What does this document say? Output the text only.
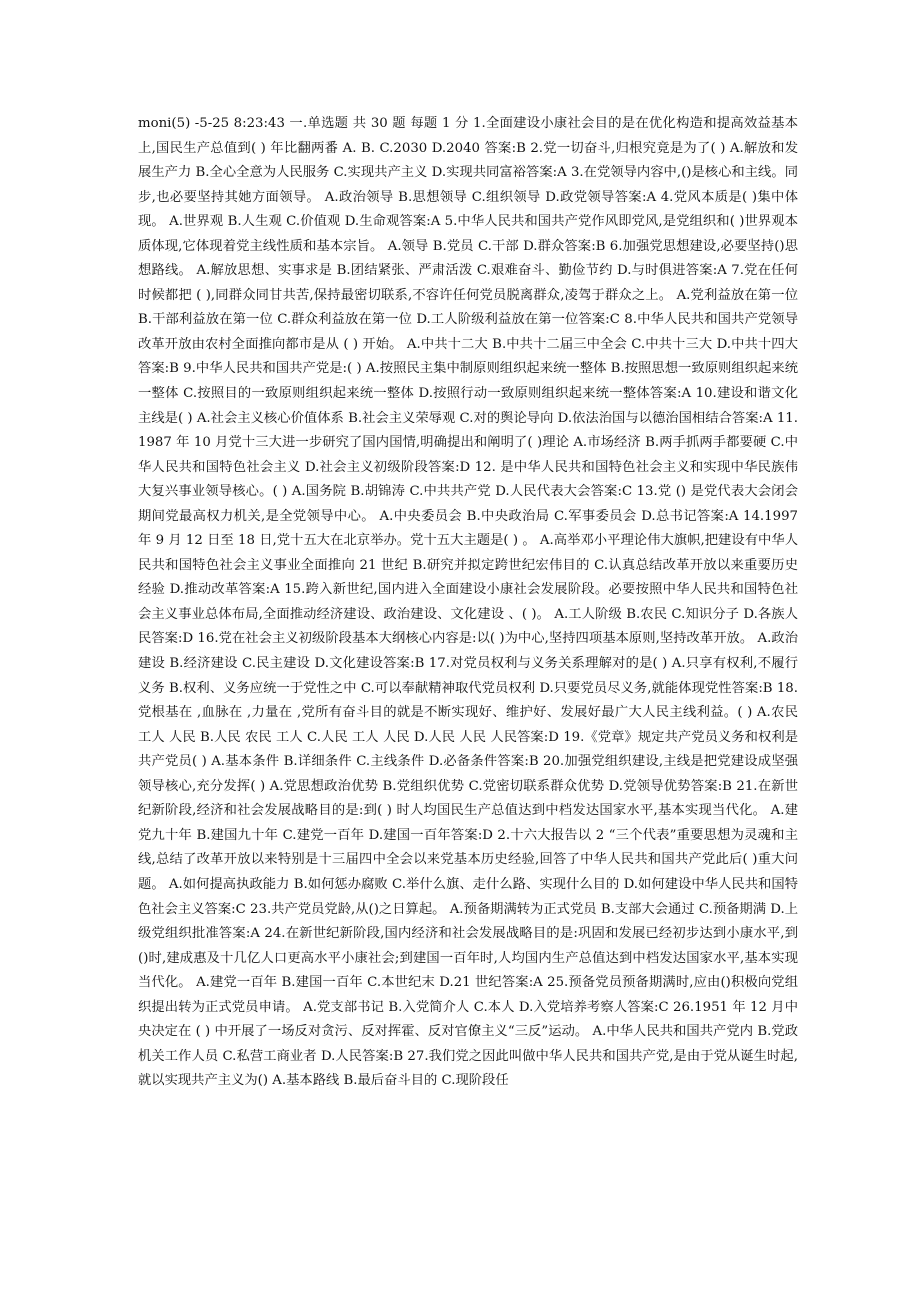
moni(5) -5-25 8:23:43 一.单选题 共 30 题 每题 1 分 1.全面建设小康社会目的是在优化构造和提高效益基本上,国民生产总值到( ) 年比翻两番 A. B. C.2030 D.2040 答案:B 2.党一切奋斗,归根究竟是为了( ) A.解放和发展生产力 B.全心全意为人民服务 C.实现共产主义 D.实现共同富裕答案:A 3.在党领导内容中,()是核心和主线。同步,也必要坚持其她方面领导。 A.政治领导 B.思想领导 C.组织领导 D.政党领导答案:A 4.党风本质是( )集中体现。 A.世界观 B.人生观 C.价值观 D.生命观答案:A 5.中华人民共和国共产党作风即党风,是党组织和( )世界观本质体现,它体现着党主线性质和基本宗旨。 A.领导 B.党员 C.干部 D.群众答案:B 6.加强党思想建设,必要坚持()思想路线。 A.解放思想、实事求是 B.团结紧张、严肃活泼 C.艰难奋斗、勤俭节约 D.与时俱进答案:A 7.党在任何时候都把 ( ),同群众同甘共苦,保持最密切联系,不容许任何党员脱离群众,凌驾于群众之上。 A.党利益放在第一位 B.干部利益放在第一位 C.群众利益放在第一位 D.工人阶级利益放在第一位答案:C 8.中华人民共和国共产党领导改革开放由农村全面推向都市是从 ( ) 开始。 A.中共十二大 B.中共十二届三中全会 C.中共十三大 D.中共十四大答案:B 9.中华人民共和国共产党是:( ) A.按照民主集中制原则组织起来统一整体 B.按照思想一致原则组织起来统一整体 C.按照目的一致原则组织起来统一整体 D.按照行动一致原则组织起来统一整体答案:A 10.建设和谐文化主线是( ) A.社会主义核心价值体系 B.社会主义荣辱观 C.对的舆论导向 D.依法治国与以德治国相结合答案:A 11.1987 年 10 月党十三大进一步研究了国内国情,明确提出和阐明了( )理论 A.市场经济 B.两手抓两手都要硬 C.中华人民共和国特色社会主义 D.社会主义初级阶段答案:D 12. 是中华人民共和国特色社会主义和实现中华民族伟大复兴事业领导核心。( ) A.国务院 B.胡锦涛 C.中共共产党 D.人民代表大会答案:C 13.党 () 是党代表大会闭会期间党最高权力机关,是全党领导中心。 A.中央委员会 B.中央政治局 C.军事委员会 D.总书记答案:A 14.1997 年 9 月 12 日至 18 日,党十五大在北京举办。党十五大主题是( ) 。 A.高举邓小平理论伟大旗帜,把建设有中华人民共和国特色社会主义事业全面推向 21 世纪 B.研究并拟定跨世纪宏伟目的 C.认真总结改革开放以来重要历史经验 D.推动改革答案:A 15.跨入新世纪,国内进入全面建设小康社会发展阶段。必要按照中华人民共和国特色社会主义事业总体布局,全面推动经济建设、政治建设、文化建设 、( )。 A.工人阶级 B.农民 C.知识分子 D.各族人民答案:D 16.党在社会主义初级阶段基本大纲核心内容是:以( )为中心,坚持四项基本原则,坚持改革开放。 A.政治建设 B.经济建设 C.民主建设 D.文化建设答案:B 17.对党员权利与义务关系理解对的是( ) A.只享有权利,不履行义务 B.权利、义务应统一于党性之中 C.可以奉献精神取代党员权利 D.只要党员尽义务,就能体现党性答案:B 18.党根基在 ,血脉在 ,力量在 ,党所有奋斗目的就是不断实现好、维护好、发展好最广大人民主线利益。( ) A.农民 工人 人民 B.人民 农民 工人 C.人民 工人 人民 D.人民 人民 人民答案:D 19.《党章》规定共产党员义务和权利是共产党员( ) A.基本条件 B.详细条件 C.主线条件 D.必备条件答案:B 20.加强党组织建设,主线是把党建设成坚强领导核心,充分发挥( ) A.党思想政治优势 B.党组织优势 C.党密切联系群众优势 D.党领导优势答案:B 21.在新世纪新阶段,经济和社会发展战略目的是:到( ) 时人均国民生产总值达到中档发达国家水平,基本实现当代化。 A.建党九十年 B.建国九十年 C.建党一百年 D.建国一百年答案:D 2.十六大报告以 2 “三个代表”重要思想为灵魂和主线,总结了改革开放以来特别是十三届四中全会以来党基本历史经验,回答了中华人民共和国共产党此后( )重大问题。 A.如何提高执政能力 B.如何惩办腐败 C.举什么旗、走什么路、实现什么目的 D.如何建设中华人民共和国特色社会主义答案:C 23.共产党员党龄,从()之日算起。 A.预备期满转为正式党员 B.支部大会通过 C.预备期满 D.上级党组织批准答案:A 24.在新世纪新阶段,国内经济和社会发展战略目的是:巩固和发展已经初步达到小康水平,到()时,建成惠及十几亿人口更高水平小康社会;到建国一百年时,人均国内生产总值达到中档发达国家水平,基本实现当代化。 A.建党一百年 B.建国一百年 C.本世纪末 D.21 世纪答案:A 25.预备党员预备期满时,应由()积极向党组织提出转为正式党员申请。 A.党支部书记 B.入党简介人 C.本人 D.入党培养考察人答案:C 26.1951 年 12 月中央决定在 ( ) 中开展了一场反对贪污、反对挥霍、反对官僚主义“三反”运动。 A.中华人民共和国共产党内 B.党政机关工作人员 C.私营工商业者 D.人民答案:B 27.我们党之因此叫做中华人民共和国共产党,是由于党从诞生时起,就以实现共产主义为() A.基本路线 B.最后奋斗目的 C.现阶段任
